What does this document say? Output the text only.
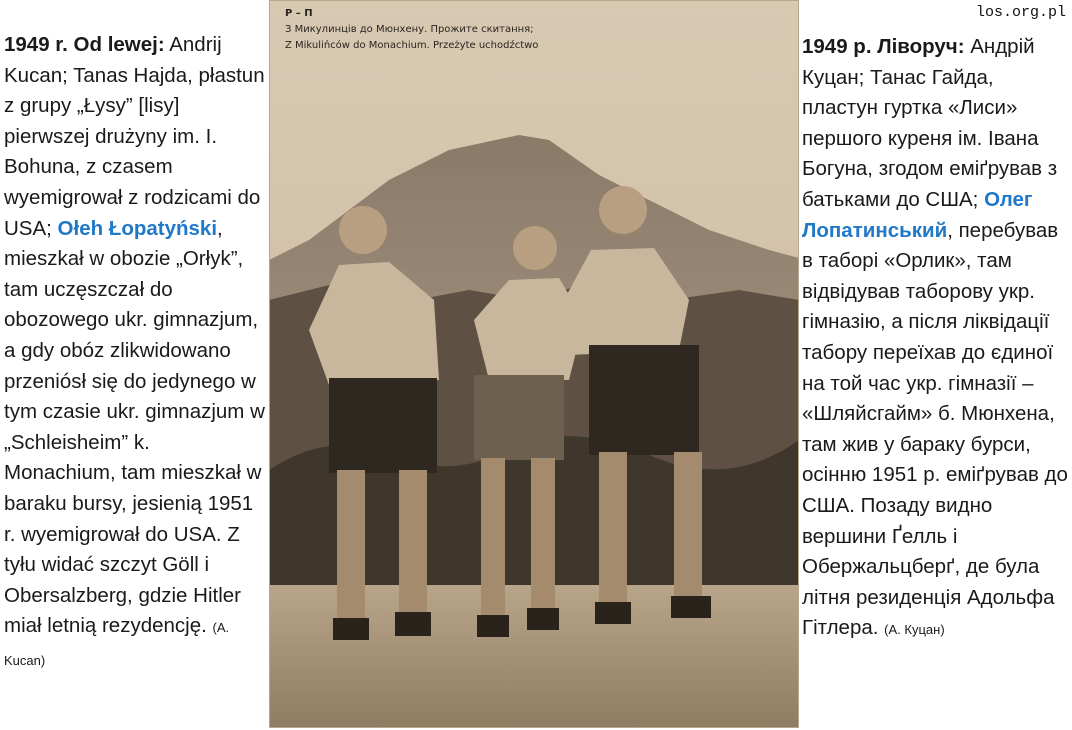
los.org.pl
1949 r. Od lewej: Andrij Kucan; Tanas Hajda, płastun z grupy „Łysy” [lisy] pierwszej drużyny im. I. Bohuna, z czasem wyemigrował z rodzicami do USA; Ołeh Łopatyński, mieszkał w obozie „Orłyk”, tam uczęszczał do obozowego ukr. gimnazjum, a gdy obóz zlikwidowano przeniósł się do jedynego w tym czasie ukr. gimnazjum w „Schleisheim” k. Monachium, tam mieszkał w baraku bursy, jesienią 1951 r. wyemigrował do USA. Z tyłu widać szczyt Göll i Obersalzberg, gdzie Hitler miał letnią rezydencję. (A. Kucan)
Р – П
З Микулинців до Мюнхену. Прожите скитання;
Z Mikulińców do Monachium. Przeżyte uchodźctwo	1949 р. Ліворуч: Андрій Куцан; Танас Гайда, пластун гуртка «Лиси» першого куреня ім. Івана Богуна, згодом еміґрував з батьками до США; Олег Лопатинський, перебував в таборі «Орлик», там відвідував таборову укр. гімназію, а після ліквідації табору переїхав до єдиної на той час укр. гімназії – «Шляйсгайм» б. Мюнхена, там жив у бараку бурси, осінню 1951 р. еміґрував до США. Позаду видно вершини Ґелль і Обержальцберґ, де була літня резиденція Адольфа Гітлера. (А. Куцан)
